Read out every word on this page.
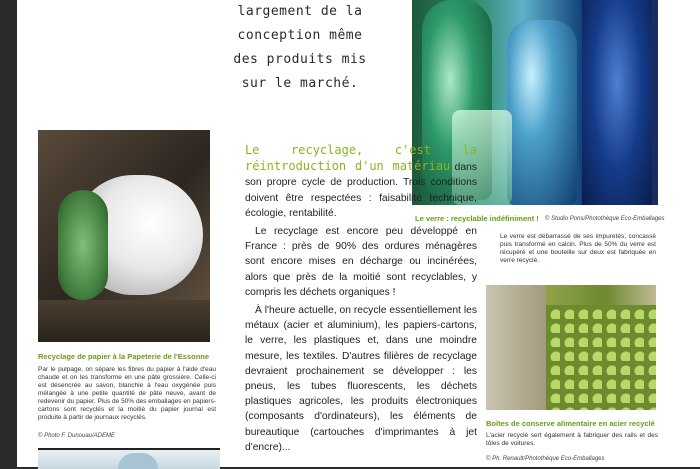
largement de la
conception même
des produits mis
sur le marché.
Le verre : recyclable indéfiniment ! © Studio Pons/Photothèque Eco-Emballages
Le verre est débarrassé de ses impuretés, concassé puis transformé en calcin. Plus de 50% du verre est récupéré et une bouteille sur deux est fabriquée en verre recyclé.
Recyclage de papier à la Papeterie de l'Essonne
Par le pulpage, on sépare les fibres du papier à l'aide d'eau chaude et on les transforme en une pâte grossière. Celle-ci est désencrée au savon, blanchie à l'eau oxygénée puis mélangée à une petite quantité de pâte neuve, avant de redevenir du papier. Plus de 50% des emballages en papiers-cartons sont recyclés et la moitié du papier journal est produite à partir de journaux recyclés.
© Photo F. Dunouau/ADEME

Le recyclage, c'est la réintroduction d'un matériau dans son propre cycle de production. Trois conditions doivent être respectées : faisabilité technique, écologie, rentabilité.

Le recyclage est encore peu développé en France : près de 90% des ordures ménagères sont encore mises en décharge ou incinérées, alors que près de la moitié sont recyclables, y compris les déchets organiques !

À l'heure actuelle, on recycle essentiellement les métaux (acier et aluminium), les papiers-cartons, le verre, les plastiques et, dans une moindre mesure, les textiles. D'autres filières de recyclage devraient prochainement se développer : les pneus, les tubes fluorescents, les déchets plastiques agricoles, les produits électroniques (composants d'ordinateurs), les éléments de bureautique (cartouches d'imprimantes à jet d'encre)...

Boîtes de conserve alimentaire en acier recyclé
L'acier recyclé sert également à fabriquer des rails et des tôles de voitures.
© Ph. Renault/Photothèque Eco-Emballages
